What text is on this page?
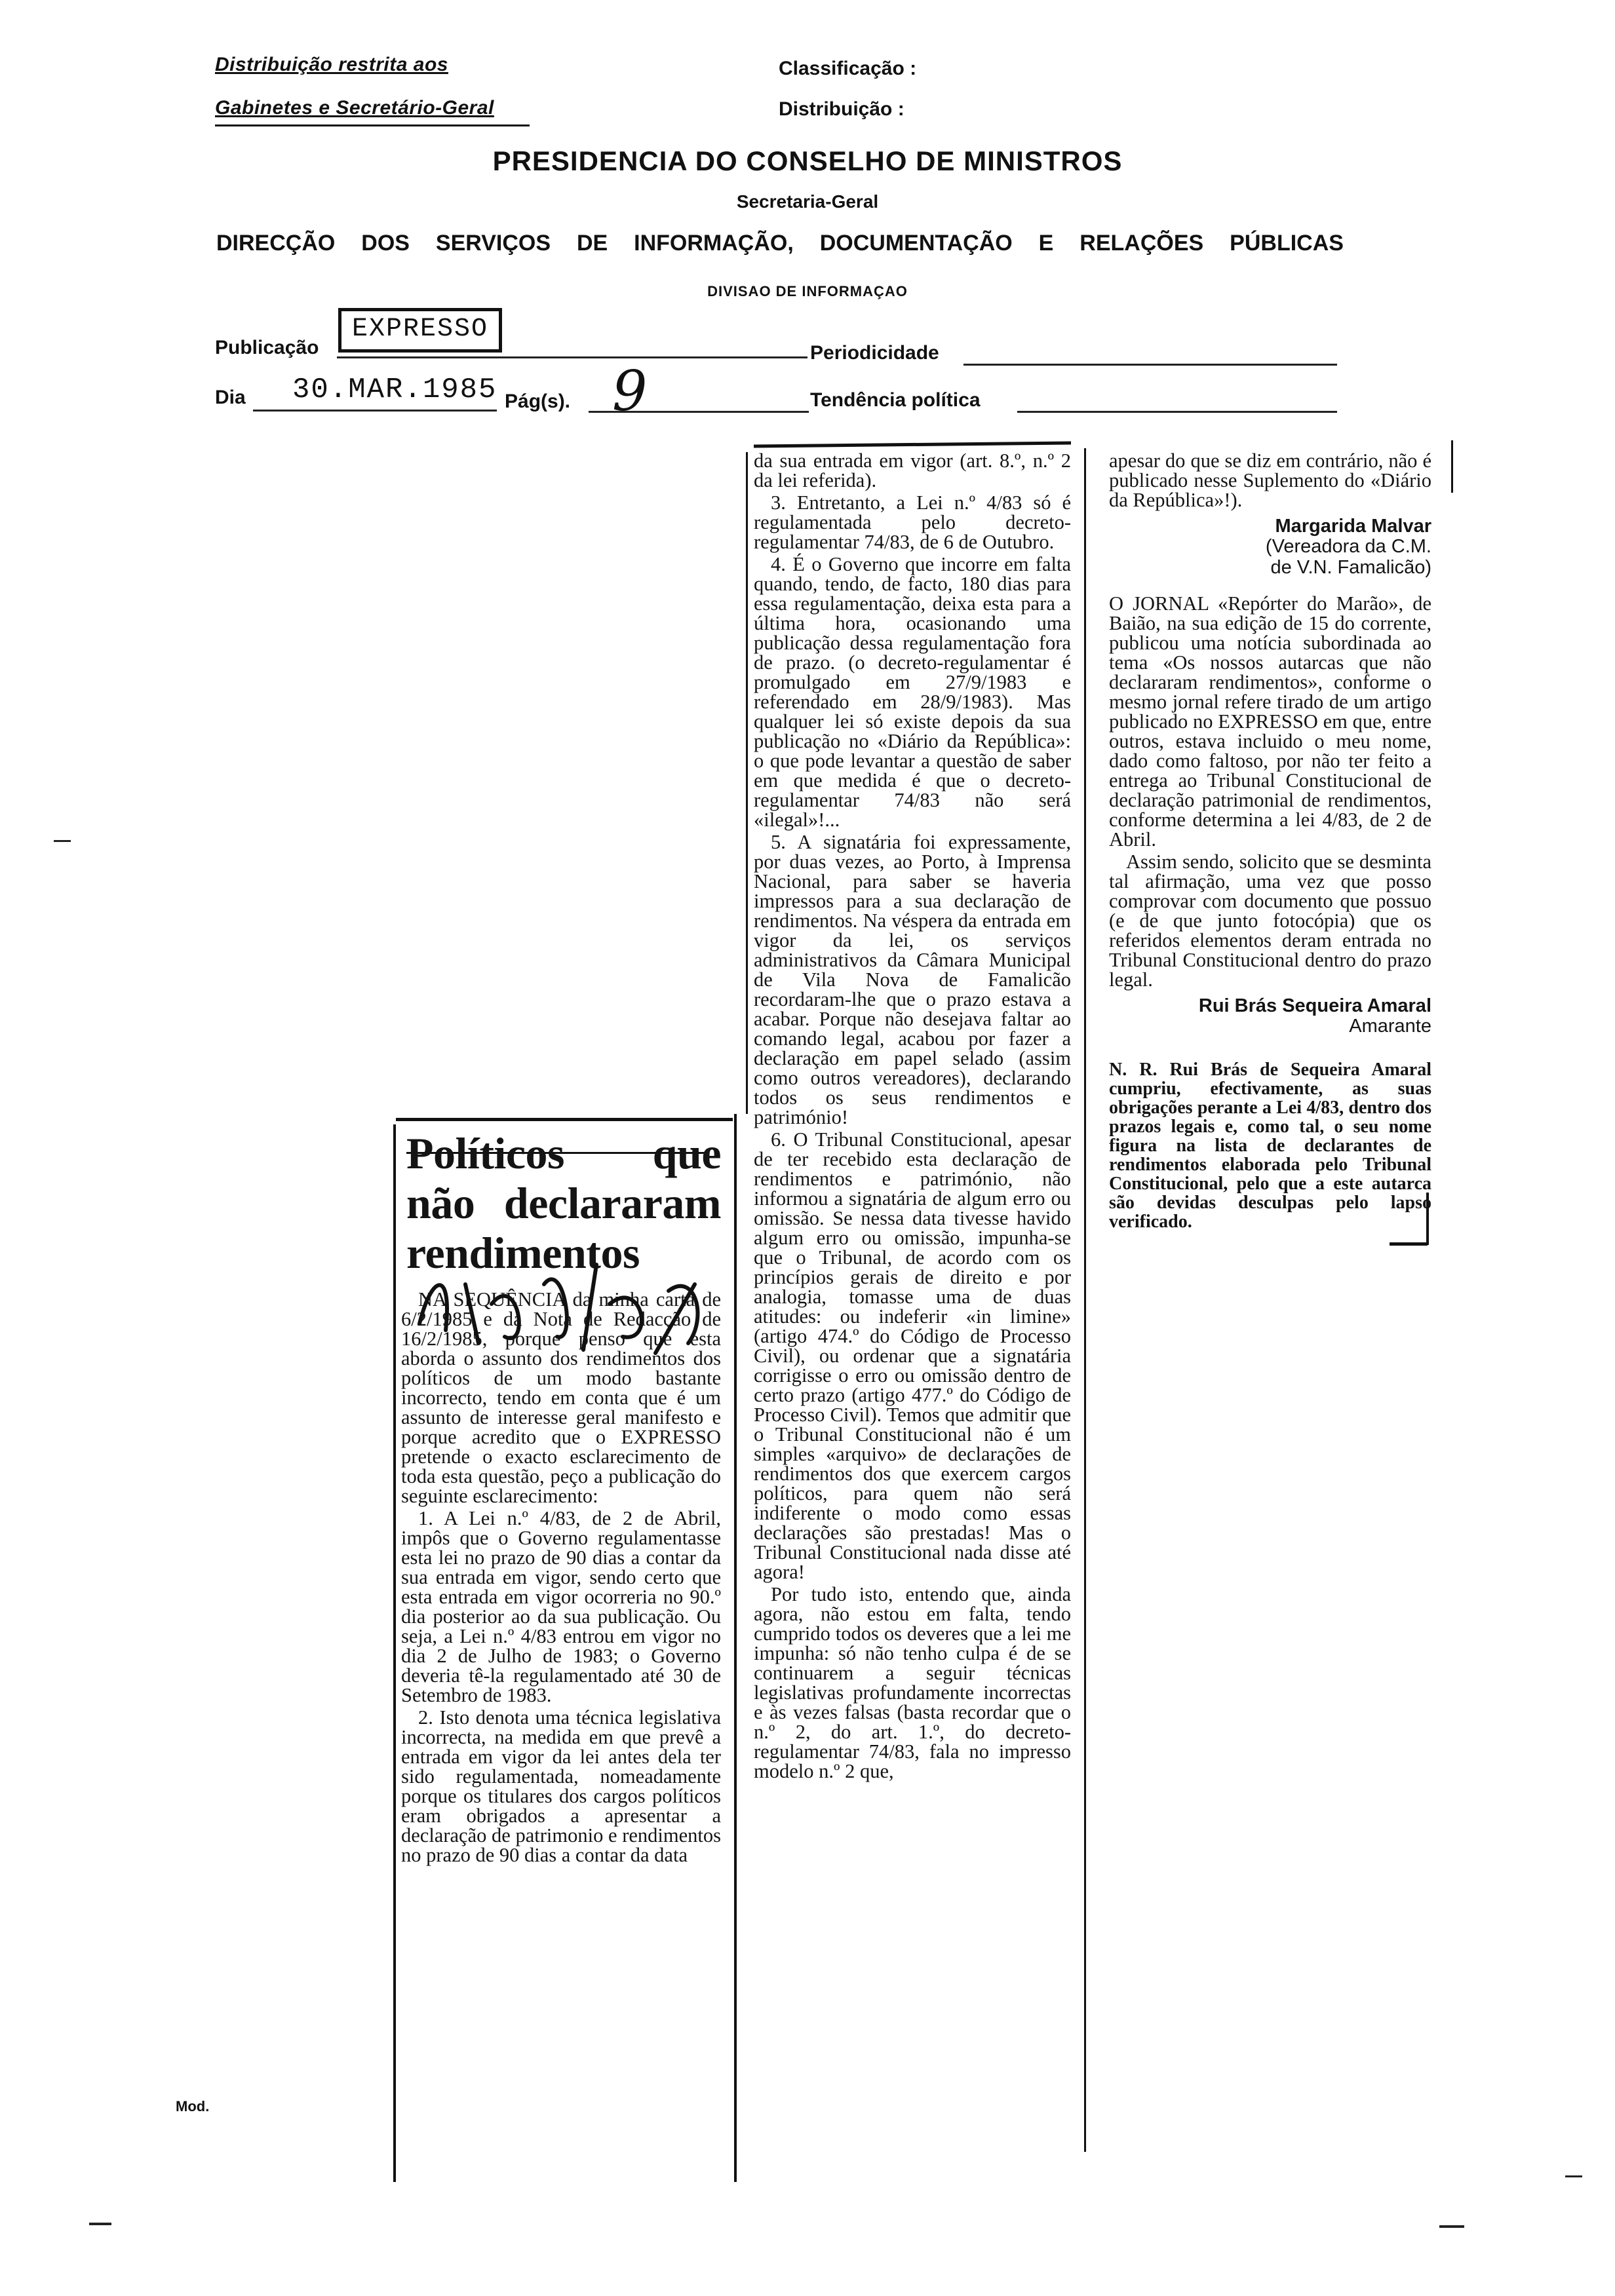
Distribuição restrita aos
Gabinetes e Secretário-Geral
Classificação :
Distribuição :
PRESIDENCIA DO CONSELHO DE MINISTROS
Secretaria-Geral
DIRECÇÃO DOS SERVIÇOS DE INFORMAÇÃO, DOCUMENTAÇÃO E RELAÇÕES PÚBLICAS
DIVISAO DE INFORMAÇAO
Publicação
EXPRESSO
Periodicidade
Dia 30.MAR.1985 Pág(s). 9	Tendência política
Políticos que não declararam rendimentos

NA SEQUÊNCIA da minha carta de 6/2/1985 e da Nota de Redacção de 16/2/1985, porque penso que esta aborda o assunto dos rendimentos dos políticos de um modo bastante incorrecto, tendo em conta que é um assunto de interesse geral manifesto e porque acredito que o EXPRESSO pretende o exacto esclarecimento de toda esta questão, peço a publicação do seguinte esclarecimento:

1. A Lei n.º 4/83, de 2 de Abril, impôs que o Governo regulamentasse esta lei no prazo de 90 dias a contar da sua entrada em vigor, sendo certo que esta entrada em vigor ocorreria no 90.º dia posterior ao da sua publicação. Ou seja, a Lei n.º 4/83 entrou em vigor no dia 2 de Julho de 1983; o Governo deveria tê-la regulamentado até 30 de Setembro de 1983.

2. Isto denota uma técnica legislativa incorrecta, na medida em que prevê a entrada em vigor da lei antes dela ter sido regulamentada, nomeadamente porque os titulares dos cargos políticos eram obrigados a apresentar a declaração de patrimonio e rendimentos no prazo de 90 dias a contar da data

da sua entrada em vigor (art. 8.º, n.º 2 da lei referida).

3. Entretanto, a Lei n.º 4/83 só é regulamentada pelo decreto-regulamentar 74/83, de 6 de Outubro.

4. É o Governo que incorre em falta quando, tendo, de facto, 180 dias para essa regulamentação, deixa esta para a última hora, ocasionando uma publicação dessa regulamentação fora de prazo. (o decreto-regulamentar é promulgado em 27/9/1983 e referendado em 28/9/1983). Mas qualquer lei só existe depois da sua publicação no «Diário da República»: o que pode levantar a questão de saber em que medida é que o decreto-regulamentar 74/83 não será «ilegal»!...

5. A signatária foi expressamente, por duas vezes, ao Porto, à Imprensa Nacional, para saber se haveria impressos para a sua declaração de rendimentos. Na véspera da entrada em vigor da lei, os serviços administrativos da Câmara Municipal de Vila Nova de Famalicão recordaram-lhe que o prazo estava a acabar. Porque não desejava faltar ao comando legal, acabou por fazer a declaração em papel selado (assim como outros vereadores), declarando todos os seus rendimentos e património!

6. O Tribunal Constitucional, apesar de ter recebido esta declaração de rendimentos e património, não informou a signatária de algum erro ou omissão. Se nessa data tivesse havido algum erro ou omissão, impunha-se que o Tribunal, de acordo com os princípios gerais de direito e por analogia, tomasse uma de duas atitudes: ou indeferir «in limine» (artigo 474.º do Código de Processo Civil), ou ordenar que a signatária corrigisse o erro ou omissão dentro de certo prazo (artigo 477.º do Código de Processo Civil). Temos que admitir que o Tribunal Constitucional não é um simples «arquivo» de declarações de rendimentos dos que exercem cargos políticos, para quem não será indiferente o modo como essas declarações são prestadas! Mas o Tribunal Constitucional nada disse até agora!

Por tudo isto, entendo que, ainda agora, não estou em falta, tendo cumprido todos os deveres que a lei me impunha: só não tenho culpa é de se continuarem a seguir técnicas legislativas profundamente incorrectas e às vezes falsas (basta recordar que o n.º 2, do art. 1.º, do decreto-regulamentar 74/83, fala no impresso modelo n.º 2 que,

apesar do que se diz em contrário, não é publicado nesse Suplemento do «Diário da República»!).

Margarida Malvar
(Vereadora da C.M.
de V.N. Famalicão)

O JORNAL «Repórter do Marão», de Baião, na sua edição de 15 do corrente, publicou uma notícia subordinada ao tema «Os nossos autarcas que não declararam rendimentos», conforme o mesmo jornal refere tirado de um artigo publicado no EXPRESSO em que, entre outros, estava incluido o meu nome, dado como faltoso, por não ter feito a entrega ao Tribunal Constitucional de declaração patrimonial de rendimentos, conforme determina a lei 4/83, de 2 de Abril.

Assim sendo, solicito que se desminta tal afirmação, uma vez que posso comprovar com documento que possuo (e de que junto fotocópia) que os referidos elementos deram entrada no Tribunal Constitucional dentro do prazo legal.

Rui Brás Sequeira Amaral
Amarante
N. R. Rui Brás de Sequeira Amaral cumpriu, efectivamente, as suas obrigações perante a Lei 4/83, dentro dos prazos legais e, como tal, o seu nome figura na lista de declarantes de rendimentos elaborada pelo Tribunal Constitucional, pelo que a este autarca são devidas desculpas pelo lapso verificado.
Mod.
